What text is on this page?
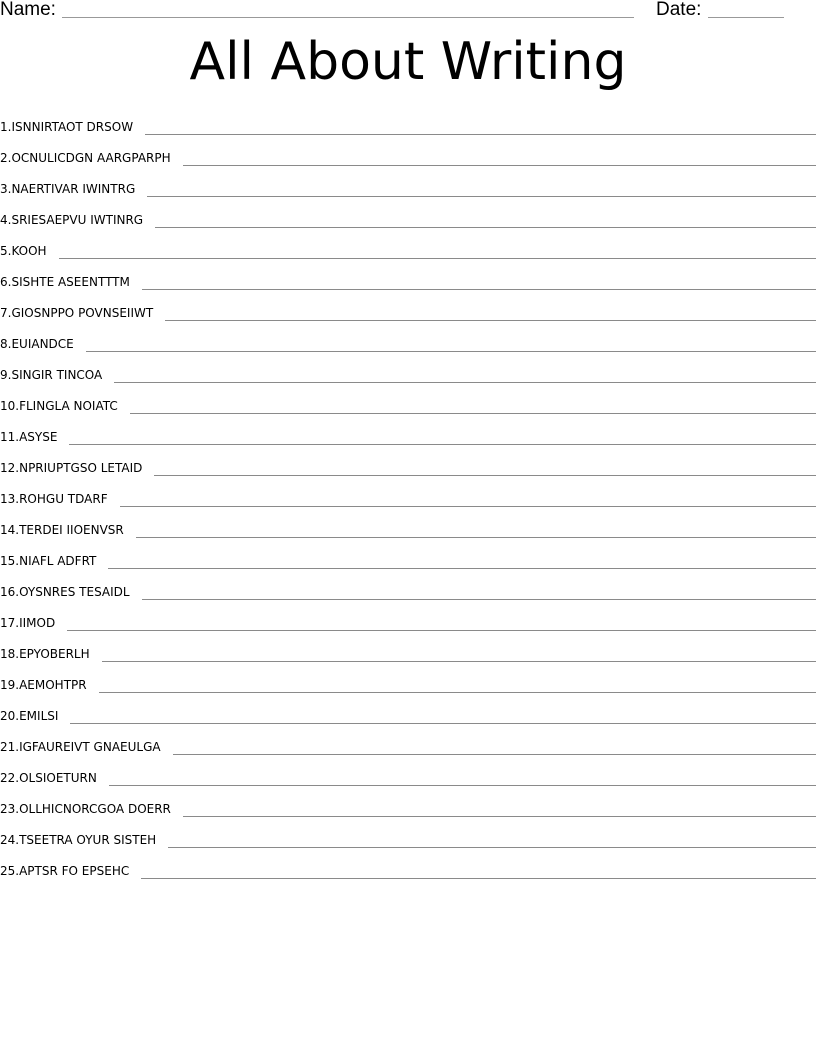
Name:	Date:
All About Writing
1. ISNNIRTAOT DRSOW
2. OCNULICDGN AARGPARPH
3. NAERTIVAR IWINTRG
4. SRIESAEPVU IWTINRG
5. KOOH
6. SISHTE ASEENTTTM
7. GIOSNPPO POVNSEIIWT
8. EUIANDCE
9. SINGIR TINCOA
10. FLINGLA NOIATC
11. ASYSE
12. NPRIUPTGSO LETAID
13. ROHGU TDARF
14. TERDEI IIOENVSR
15. NIAFL ADFRT
16. OYSNRES TESAIDL
17. IIMOD
18. EPYOBERLH
19. AEMOHTPR
20. EMILSI
21. IGFAUREIVT GNAEULGA
22. OLSIOETURN
23. OLLHICNORCGOA DOERR
24. TSEETRA OYUR SISTEH
25. APTSR FO EPSEHC
